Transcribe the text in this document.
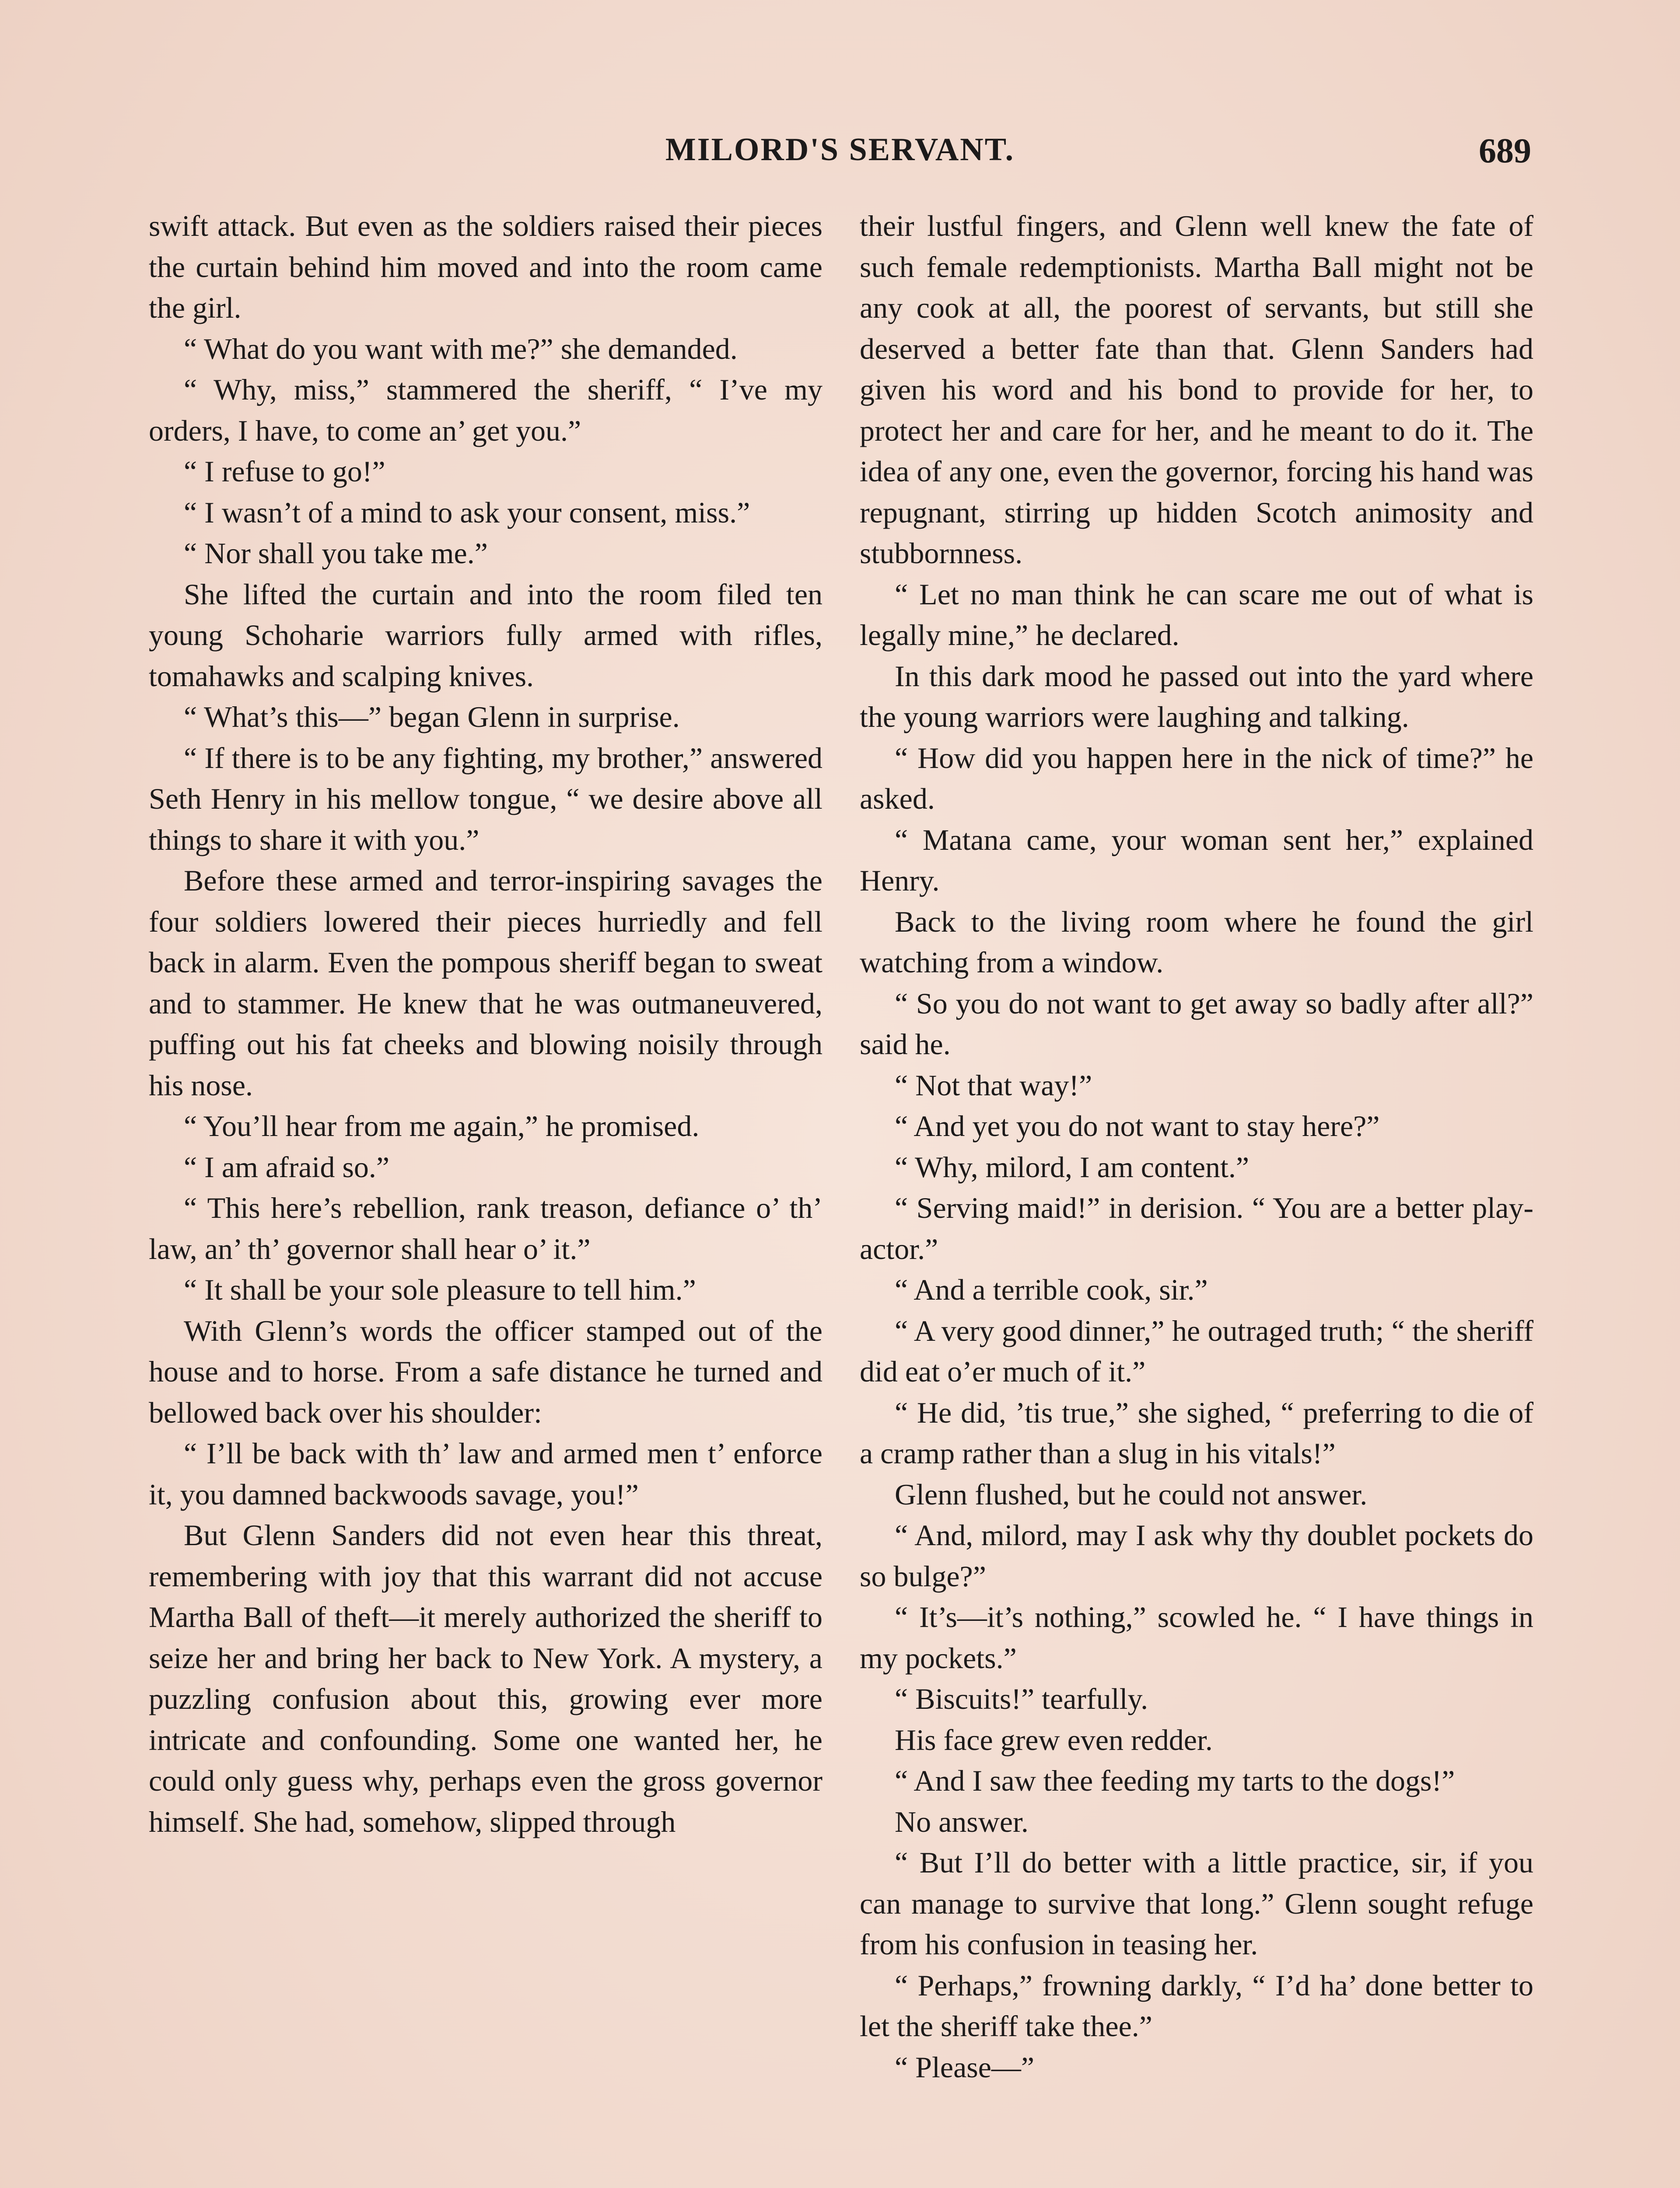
MILORD'S SERVANT.	689

swift attack. But even as the soldiers raised their pieces the curtain behind him moved and into the room came the girl.

“ What do you want with me?” she demanded.

“ Why, miss,” stammered the sheriff, “ I’ve my orders, I have, to come an’ get you.”

“ I refuse to go!”

“ I wasn’t of a mind to ask your consent, miss.”

“ Nor shall you take me.”

She lifted the curtain and into the room filed ten young Schoharie warriors fully armed with rifles, tomahawks and scalping knives.

“ What’s this—” began Glenn in surprise.

“ If there is to be any fighting, my brother,” answered Seth Henry in his mellow tongue, “ we desire above all things to share it with you.”

Before these armed and terror-inspiring savages the four soldiers lowered their pieces hurriedly and fell back in alarm. Even the pompous sheriff began to sweat and to stammer. He knew that he was outmaneuvered, puffing out his fat cheeks and blowing noisily through his nose.

“ You’ll hear from me again,” he promised.

“ I am afraid so.”

“ This here’s rebellion, rank treason, defiance o’ th’ law, an’ th’ governor shall hear o’ it.”

“ It shall be your sole pleasure to tell him.”

With Glenn’s words the officer stamped out of the house and to horse. From a safe distance he turned and bellowed back over his shoulder:

“ I’ll be back with th’ law and armed men t’ enforce it, you damned backwoods savage, you!”

But Glenn Sanders did not even hear this threat, remembering with joy that this warrant did not accuse Martha Ball of theft—it merely authorized the sheriff to seize her and bring her back to New York. A mystery, a puzzling confusion about this, growing ever more intricate and confounding. Some one wanted her, he could only guess why, perhaps even the gross governor himself. She had, somehow, slipped through

their lustful fingers, and Glenn well knew the fate of such female redemptionists. Martha Ball might not be any cook at all, the poorest of servants, but still she deserved a better fate than that. Glenn Sanders had given his word and his bond to provide for her, to protect her and care for her, and he meant to do it. The idea of any one, even the governor, forcing his hand was repugnant, stirring up hidden Scotch animosity and stubbornness.

“ Let no man think he can scare me out of what is legally mine,” he declared.

In this dark mood he passed out into the yard where the young warriors were laughing and talking.

“ How did you happen here in the nick of time?” he asked.

“ Matana came, your woman sent her,” explained Henry.

Back to the living room where he found the girl watching from a window.

“ So you do not want to get away so badly after all?” said he.

“ Not that way!”

“ And yet you do not want to stay here?”

“ Why, milord, I am content.”

“ Serving maid!” in derision. “ You are a better play-actor.”

“ And a terrible cook, sir.”

“ A very good dinner,” he outraged truth; “ the sheriff did eat o’er much of it.”

“ He did, ’tis true,” she sighed, “ preferring to die of a cramp rather than a slug in his vitals!”

Glenn flushed, but he could not answer.

“ And, milord, may I ask why thy doublet pockets do so bulge?”

“ It’s—it’s nothing,” scowled he. “ I have things in my pockets.”

“ Biscuits!” tearfully.

His face grew even redder.

“ And I saw thee feeding my tarts to the dogs!”

No answer.

“ But I’ll do better with a little practice, sir, if you can manage to survive that long.” Glenn sought refuge from his confusion in teasing her.

“ Perhaps,” frowning darkly, “ I’d ha’ done better to let the sheriff take thee.”

“ Please—”
